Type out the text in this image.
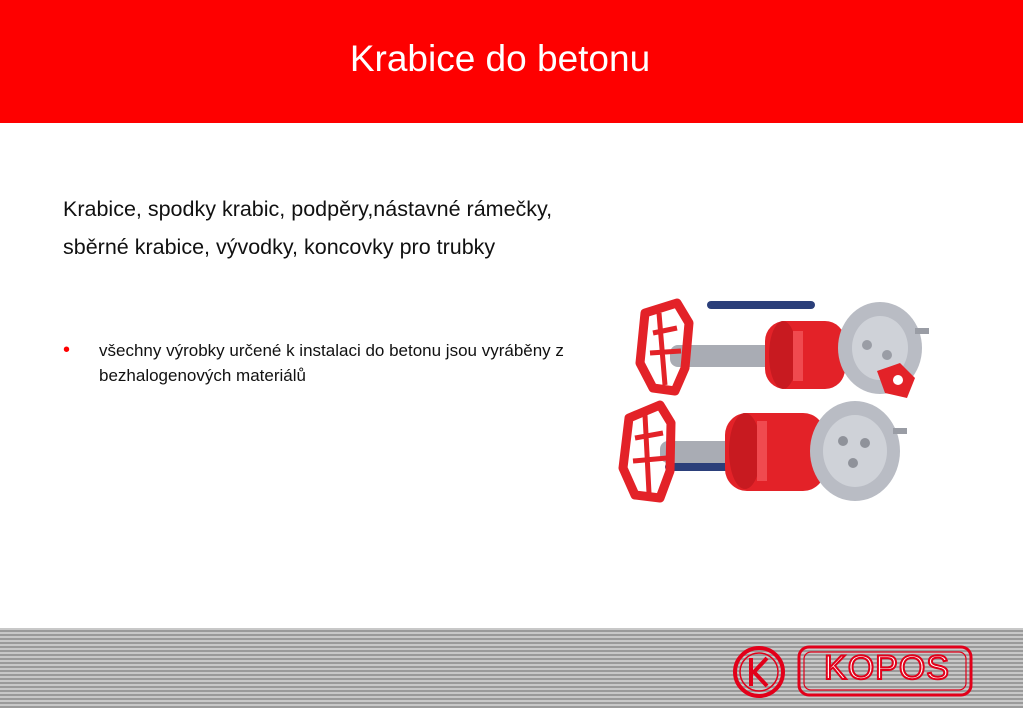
Krabice do betonu
Krabice, spodky krabic, podpěry,nástavné rámečky, sběrné krabice, vývodky, koncovky pro trubky
• všechny výrobky určené k instalaci do betonu jsou vyráběny z bezhalogenových materiálů
KOPOS
